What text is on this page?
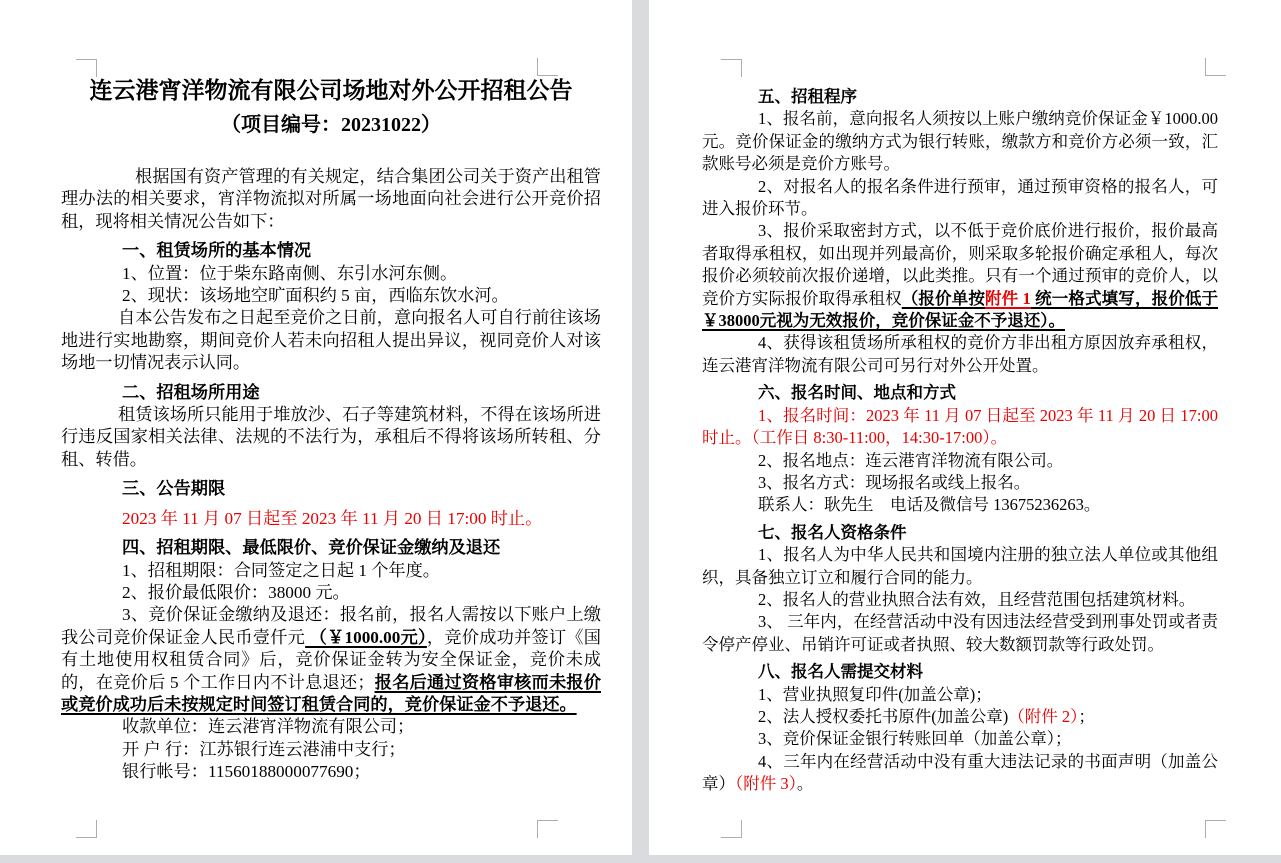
连云港宵洋物流有限公司场地对外公开招租公告
（项目编号：20231022）
根据国有资产管理的有关规定，结合集团公司关于资产出租管理办法的相关要求，宵洋物流拟对所属一场地面向社会进行公开竞价招租，现将相关情况公告如下：
一、租赁场所的基本情况
1、位置：位于柴东路南侧、东引水河东侧。
2、现状：该场地空旷面积约 5 亩，西临东饮水河。
自本公告发布之日起至竞价之日前，意向报名人可自行前往该场地进行实地勘察，期间竞价人若未向招租人提出异议，视同竞价人对该场地一切情况表示认同。
二、招租场所用途
租赁该场所只能用于堆放沙、石子等建筑材料，不得在该场所进行违反国家相关法律、法规的不法行为，承租后不得将该场所转租、分租、转借。
三、公告期限
2023 年 11 月 07 日起至 2023 年 11 月 20 日 17:00 时止。
四、招租期限、最低限价、竞价保证金缴纳及退还
1、招租期限：合同签定之日起 1 个年度。
2、报价最低限价：38000 元。
3、竞价保证金缴纳及退还：报名前，报名人需按以下账户上缴我公司竞价保证金人民币壹仟元 （￥1000.00元），竞价成功并签订《国有土地使用权租赁合同》后，竞价保证金转为安全保证金，竞价未成的，在竞价后 5 个工作日内不计息退还；报名后通过资格审核而未报价或竞价成功后未按规定时间签订租赁合同的，竞价保证金不予退还。
收款单位：连云港宵洋物流有限公司；
开 户 行：江苏银行连云港浦中支行；
银行帐号：11560188000077690；
五、招租程序
1、报名前，意向报名人须按以上账户缴纳竞价保证金￥1000.00元。竞价保证金的缴纳方式为银行转账，缴款方和竞价方必须一致，汇款账号必须是竞价方账号。
2、对报名人的报名条件进行预审，通过预审资格的报名人，可进入报价环节。
3、报价采取密封方式，以不低于竞价底价进行报价，报价最高者取得承租权，如出现并列最高价，则采取多轮报价确定承租人，每次报价必须较前次报价递增，以此类推。只有一个通过预审的竞价人，以竞价方实际报价取得承租权（报价单按附件 1 统一格式填写，报价低于￥38000元视为无效报价，竞价保证金不予退还）。
4、获得该租赁场所承租权的竞价方非出租方原因放弃承租权，连云港宵洋物流有限公司可另行对外公开处置。
六、报名时间、地点和方式
1、报名时间：2023 年 11 月 07 日起至 2023 年 11 月 20 日 17:00 时止。（工作日 8:30-11:00，14:30-17:00）。
2、报名地点：连云港宵洋物流有限公司。
3、报名方式：现场报名或线上报名。
联系人：耿先生　电话及微信号 13675236263。
七、报名人资格条件
1、报名人为中华人民共和国境内注册的独立法人单位或其他组织，具备独立订立和履行合同的能力。
2、报名人的营业执照合法有效，且经营范围包括建筑材料。
3、 三年内，在经营活动中没有因违法经营受到刑事处罚或者责令停产停业、吊销许可证或者执照、较大数额罚款等行政处罚。
八、报名人需提交材料
1、营业执照复印件(加盖公章)；
2、法人授权委托书原件(加盖公章)（附件 2）；
3、竞价保证金银行转账回单（加盖公章）；
4、三年内在经营活动中没有重大违法记录的书面声明（加盖公章）（附件 3）。
